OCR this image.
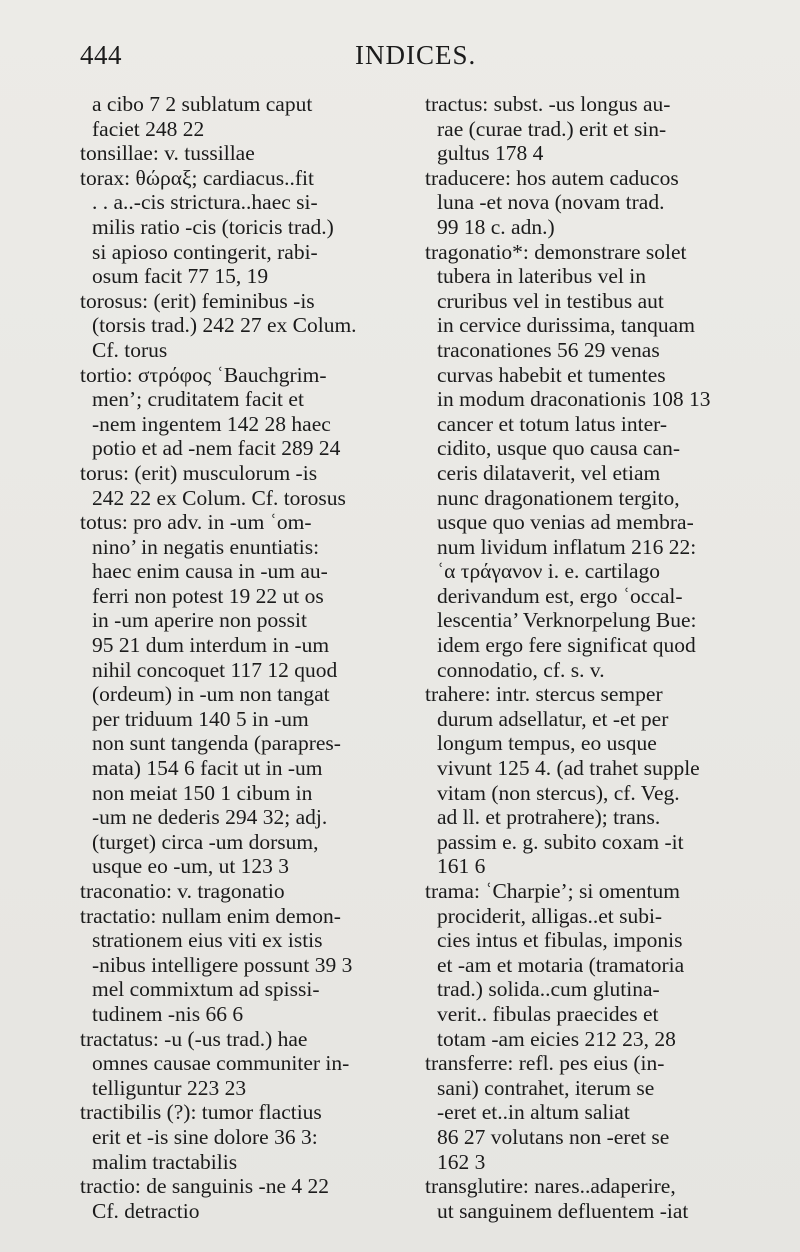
444	INDICES.
a cibo 7 2 sublatum caput
faciet 248 22
tonsillae: v. tussillae
torax: θώραξ; cardiacus..fit
. . a..-cis strictura..haec si-
milis ratio -cis (toricis trad.)
si apioso contingerit, rabi-
osum facit 77 15, 19
torosus: (erit) feminibus -is
(torsis trad.) 242 27 ex Colum.
Cf. torus
tortio: στρόφος ʿBauchgrim-
men’; cruditatem facit et
-nem ingentem 142 28 haec
potio et ad -nem facit 289 24
torus: (erit) musculorum -is
242 22 ex Colum. Cf. torosus
totus: pro adv. in -um ʿom-
nino’ in negatis enuntiatis:
haec enim causa in -um au-
ferri non potest 19 22 ut os
in -um aperire non possit
95 21 dum interdum in -um
nihil concoquet 117 12 quod
(ordeum) in -um non tangat
per triduum 140 5 in -um
non sunt tangenda (parapres-
mata) 154 6 facit ut in -um
non meiat 150 1 cibum in
-um ne dederis 294 32; adj.
(turget) circa -um dorsum,
usque eo -um, ut 123 3
traconatio: v. tragonatio
tractatio: nullam enim demon-
strationem eius viti ex istis
-nibus intelligere possunt 39 3
mel commixtum ad spissi-
tudinem -nis 66 6
tractatus: -u (-us trad.) hae
omnes causae communiter in-
telliguntur 223 23
tractibilis (?): tumor flactius
erit et -is sine dolore 36 3:
malim tractabilis
tractio: de sanguinis -ne 4 22
Cf. detractio
tractus: subst. -us longus au-
rae (curae trad.) erit et sin-
gultus 178 4
traducere: hos autem caducos
luna -et nova (novam trad.
99 18 c. adn.)
tragonatio*: demonstrare solet
tubera in lateribus vel in
cruribus vel in testibus aut
in cervice durissima, tanquam
traconationes 56 29 venas
curvas habebit et tumentes
in modum draconationis 108 13
cancer et totum latus inter-
cidito, usque quo causa can-
ceris dilataverit, vel etiam
nunc dragonationem tergito,
usque quo venias ad membra-
num lividum inflatum 216 22:
ʿα τράγανον i. e. cartilago
derivandum est, ergo ʿoccal-
lescentia’ Verknorpelung Bue:
idem ergo fere significat quod
connodatio, cf. s. v.
trahere: intr. stercus semper
durum adsellatur, et -et per
longum tempus, eo usque
vivunt 125 4. (ad trahet supple
vitam (non stercus), cf. Veg.
ad ll. et protrahere); trans.
passim e. g. subito coxam -it
161 6
trama: ʿCharpie’; si omentum
prociderit, alligas..et subi-
cies intus et fibulas, imponis
et -am et motaria (tramatoria
trad.) solida..cum glutina-
verit.. fibulas praecides et
totam -am eicies 212 23, 28
transferre: refl. pes eius (in-
sani) contrahet, iterum se
-eret et..in altum saliat
86 27 volutans non -eret se
162 3
transglutire: nares..adaperire,
ut sanguinem defluentem -iat
